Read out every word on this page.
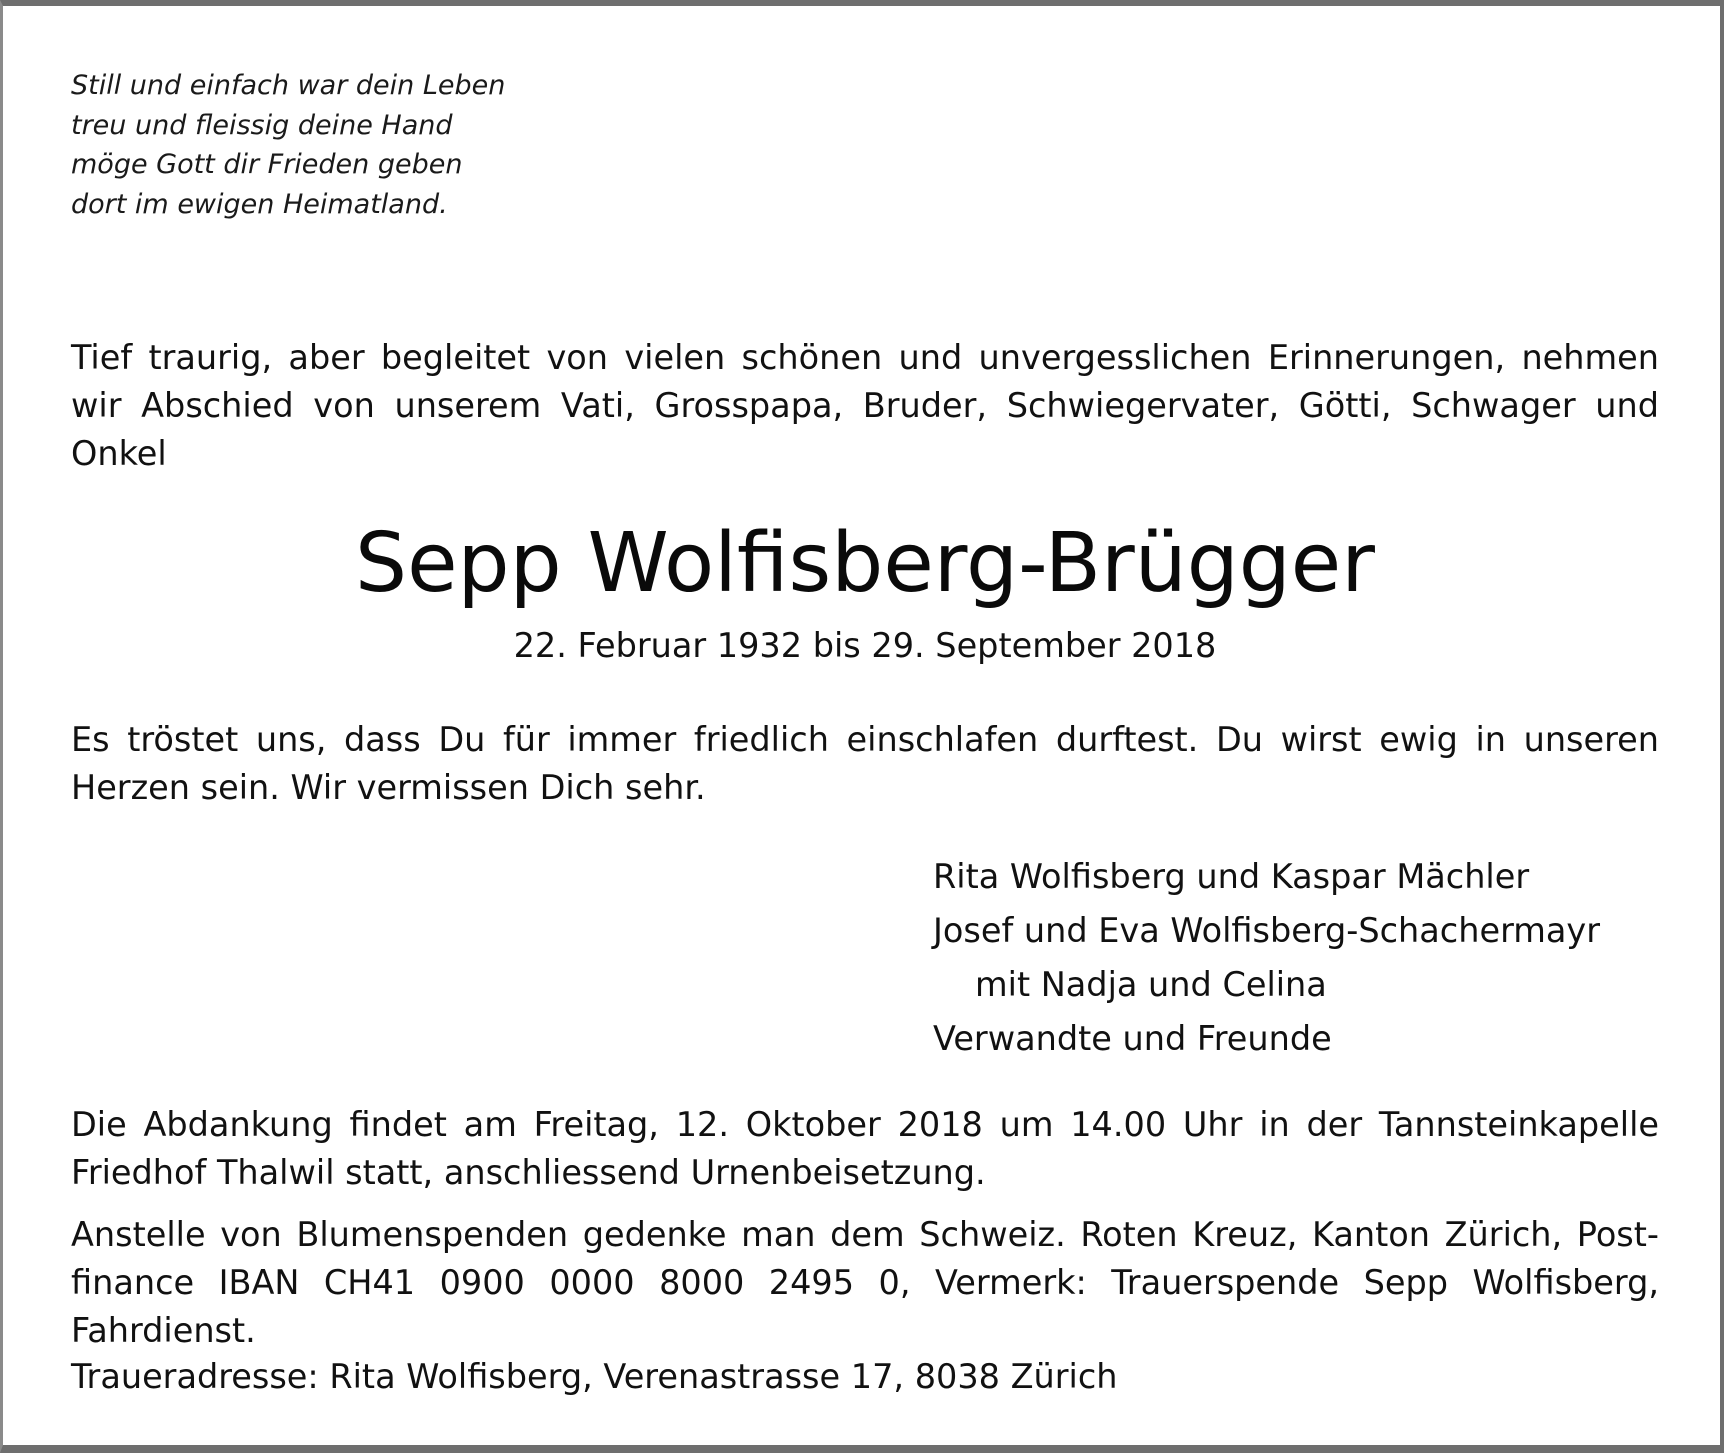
Still und einfach war dein Leben
treu und fleissig deine Hand
möge Gott dir Frieden geben
dort im ewigen Heimatland.
Tief traurig, aber begleitet von vielen schönen und unvergesslichen Erinnerungen, nehmen wir Abschied von unserem Vati, Grosspapa, Bruder, Schwiegervater, Götti, Schwager und Onkel
Sepp Wolfisberg-Brügger
22. Februar 1932 bis 29. September 2018
Es tröstet uns, dass Du für immer friedlich einschlafen durftest. Du wirst ewig in unseren Herzen sein. Wir vermissen Dich sehr.
Rita Wolfisberg und Kaspar Mächler
Josef und Eva Wolfisberg-Schachermayr
mit Nadja und Celina
Verwandte und Freunde
Die Abdankung findet am Freitag, 12. Oktober 2018 um 14.00 Uhr in der Tannsteinkapelle Friedhof Thalwil statt, anschliessend Urnenbeisetzung.
Anstelle von Blumenspenden gedenke man dem Schweiz. Roten Kreuz, Kanton Zürich, Post-finance IBAN CH41 0900 0000 8000 2495 0, Vermerk: Trauerspende Sepp Wolfisberg, Fahrdienst.
Traueradresse: Rita Wolfisberg, Verenastrasse 17, 8038 Zürich
